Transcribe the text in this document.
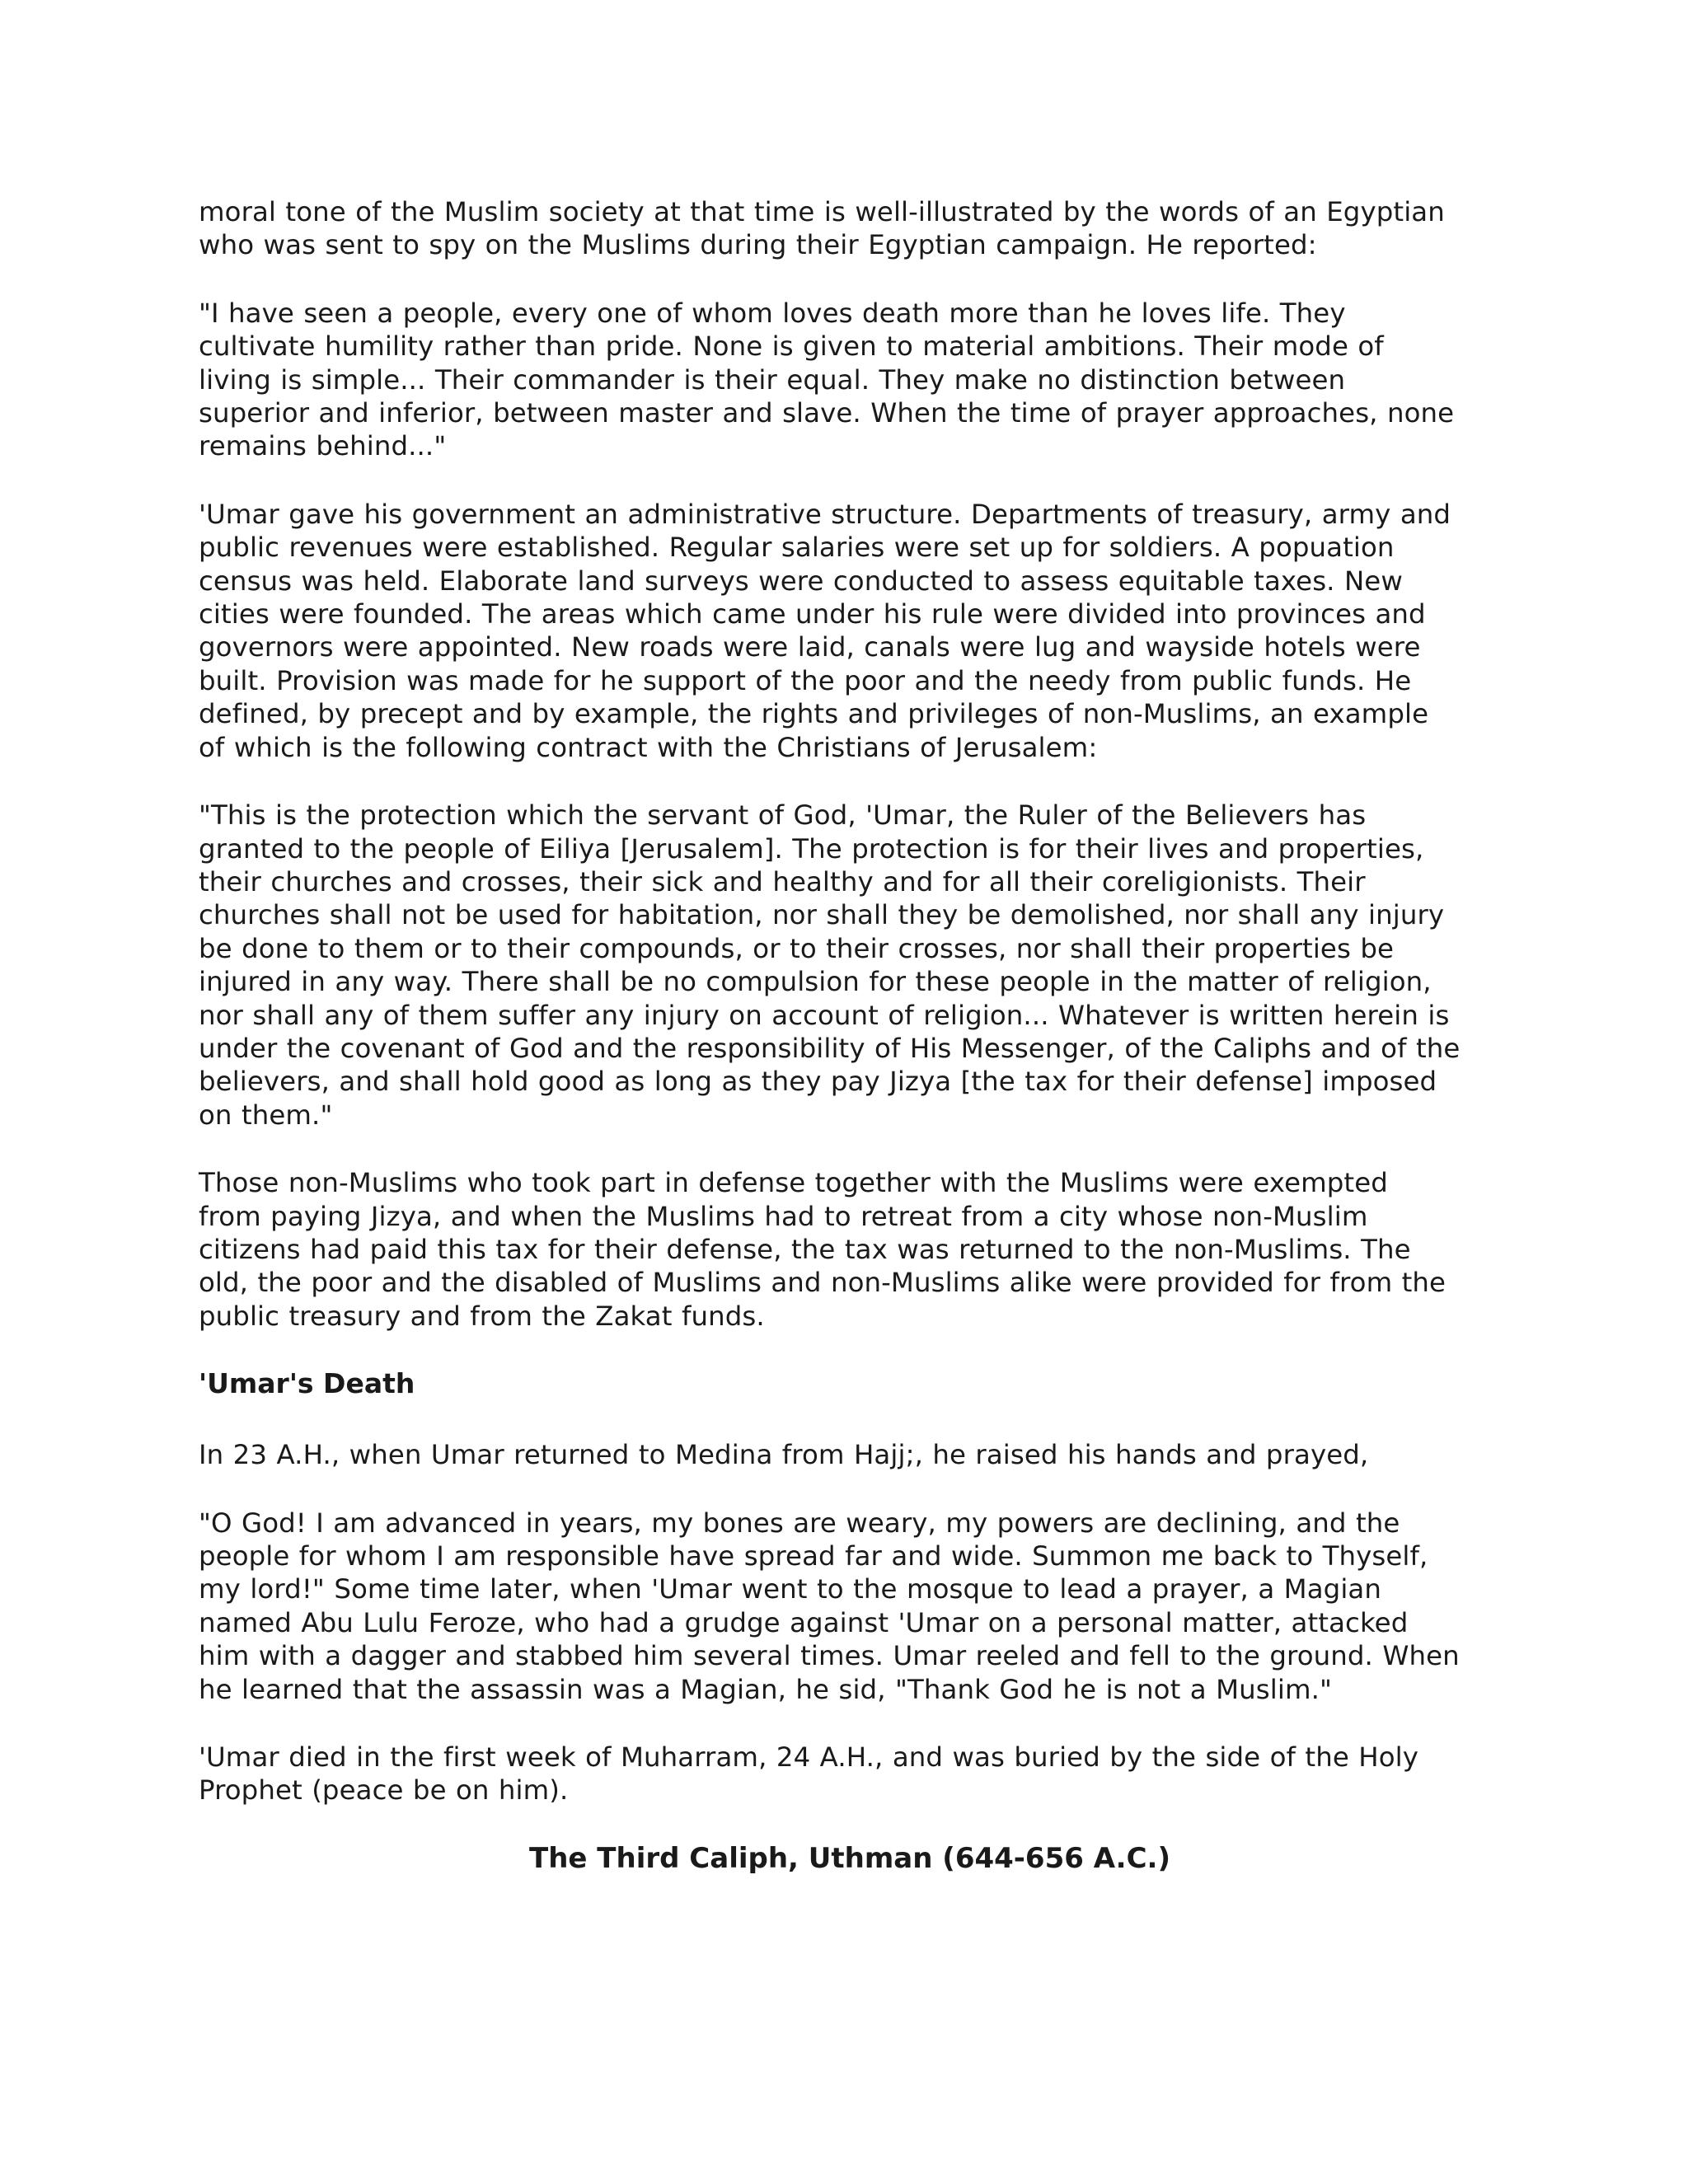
moral tone of the Muslim society at that time is well-illustrated by the words of an Egyptian
who was sent to spy on the Muslims during their Egyptian campaign. He reported:
"I have seen a people, every one of whom loves death more than he loves life. They
cultivate humility rather than pride. None is given to material ambitions. Their mode of
living is simple... Their commander is their equal. They make no distinction between
superior and inferior, between master and slave. When the time of prayer approaches, none
remains behind..."
'Umar gave his government an administrative structure. Departments of treasury, army and
public revenues were established. Regular salaries were set up for soldiers. A popuation
census was held. Elaborate land surveys were conducted to assess equitable taxes. New
cities were founded. The areas which came under his rule were divided into provinces and
governors were appointed. New roads were laid, canals were lug and wayside hotels were
built. Provision was made for he support of the poor and the needy from public funds. He
defined, by precept and by example, the rights and privileges of non-Muslims, an example
of which is the following contract with the Christians of Jerusalem:
"This is the protection which the servant of God, 'Umar, the Ruler of the Believers has
granted to the people of Eiliya [Jerusalem]. The protection is for their lives and properties,
their churches and crosses, their sick and healthy and for all their coreligionists. Their
churches shall not be used for habitation, nor shall they be demolished, nor shall any injury
be done to them or to their compounds, or to their crosses, nor shall their properties be
injured in any way. There shall be no compulsion for these people in the matter of religion,
nor shall any of them suffer any injury on account of religion... Whatever is written herein is
under the covenant of God and the responsibility of His Messenger, of the Caliphs and of the
believers, and shall hold good as long as they pay Jizya [the tax for their defense] imposed
on them."
Those non-Muslims who took part in defense together with the Muslims were exempted
from paying Jizya, and when the Muslims had to retreat from a city whose non-Muslim
citizens had paid this tax for their defense, the tax was returned to the non-Muslims. The
old, the poor and the disabled of Muslims and non-Muslims alike were provided for from the
public treasury and from the Zakat funds.
'Umar's Death
In 23 A.H., when Umar returned to Medina from Hajj;, he raised his hands and prayed,
"O God! I am advanced in years, my bones are weary, my powers are declining, and the
people for whom I am responsible have spread far and wide. Summon me back to Thyself,
my lord!" Some time later, when 'Umar went to the mosque to lead a prayer, a Magian
named Abu Lulu Feroze, who had a grudge against 'Umar on a personal matter, attacked
him with a dagger and stabbed him several times. Umar reeled and fell to the ground. When
he learned that the assassin was a Magian, he sid, "Thank God he is not a Muslim."
'Umar died in the first week of Muharram, 24 A.H., and was buried by the side of the Holy
Prophet (peace be on him).
The Third Caliph, Uthman (644-656 A.C.)
